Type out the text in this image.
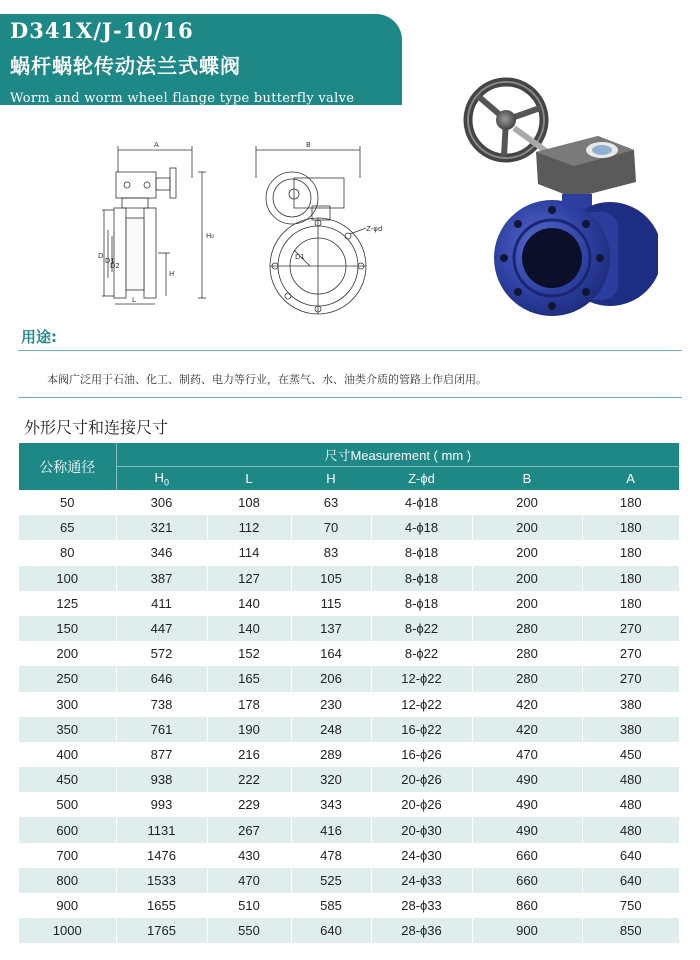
D341X/J-10/16
蜗杆蜗轮传动法兰式蝶阀
Worm and worm wheel flange type butterfly valve
A
D
D1
D2
L
H
H₀
B
Z-φd
D1
用途:
本阀广泛用于石油、化工、制药、电力等行业，在蒸气、水、油类介质的管路上作启闭用。
外形尺寸和连接尺寸
公称通径	尺寸Measurement ( mm )					
	$H_0$	L	H	Z-ϕd	B	A
50	306	108	63	4-ϕ18	200	180
65	321	112	70	4-ϕ18	200	180
80	346	114	83	8-ϕ18	200	180
100	387	127	105	8-ϕ18	200	180
125	411	140	115	8-ϕ18	200	180
150	447	140	137	8-ϕ22	280	270
200	572	152	164	8-ϕ22	280	270
250	646	165	206	12-ϕ22	280	270
300	738	178	230	12-ϕ22	420	380
350	761	190	248	16-ϕ22	420	380
400	877	216	289	16-ϕ26	470	450
450	938	222	320	20-ϕ26	490	480
500	993	229	343	20-ϕ26	490	480
600	1131	267	416	20-ϕ30	490	480
700	1476	430	478	24-ϕ30	660	640
800	1533	470	525	24-ϕ33	660	640
900	1655	510	585	28-ϕ33	860	750
1000	1765	550	640	28-ϕ36	900	850
